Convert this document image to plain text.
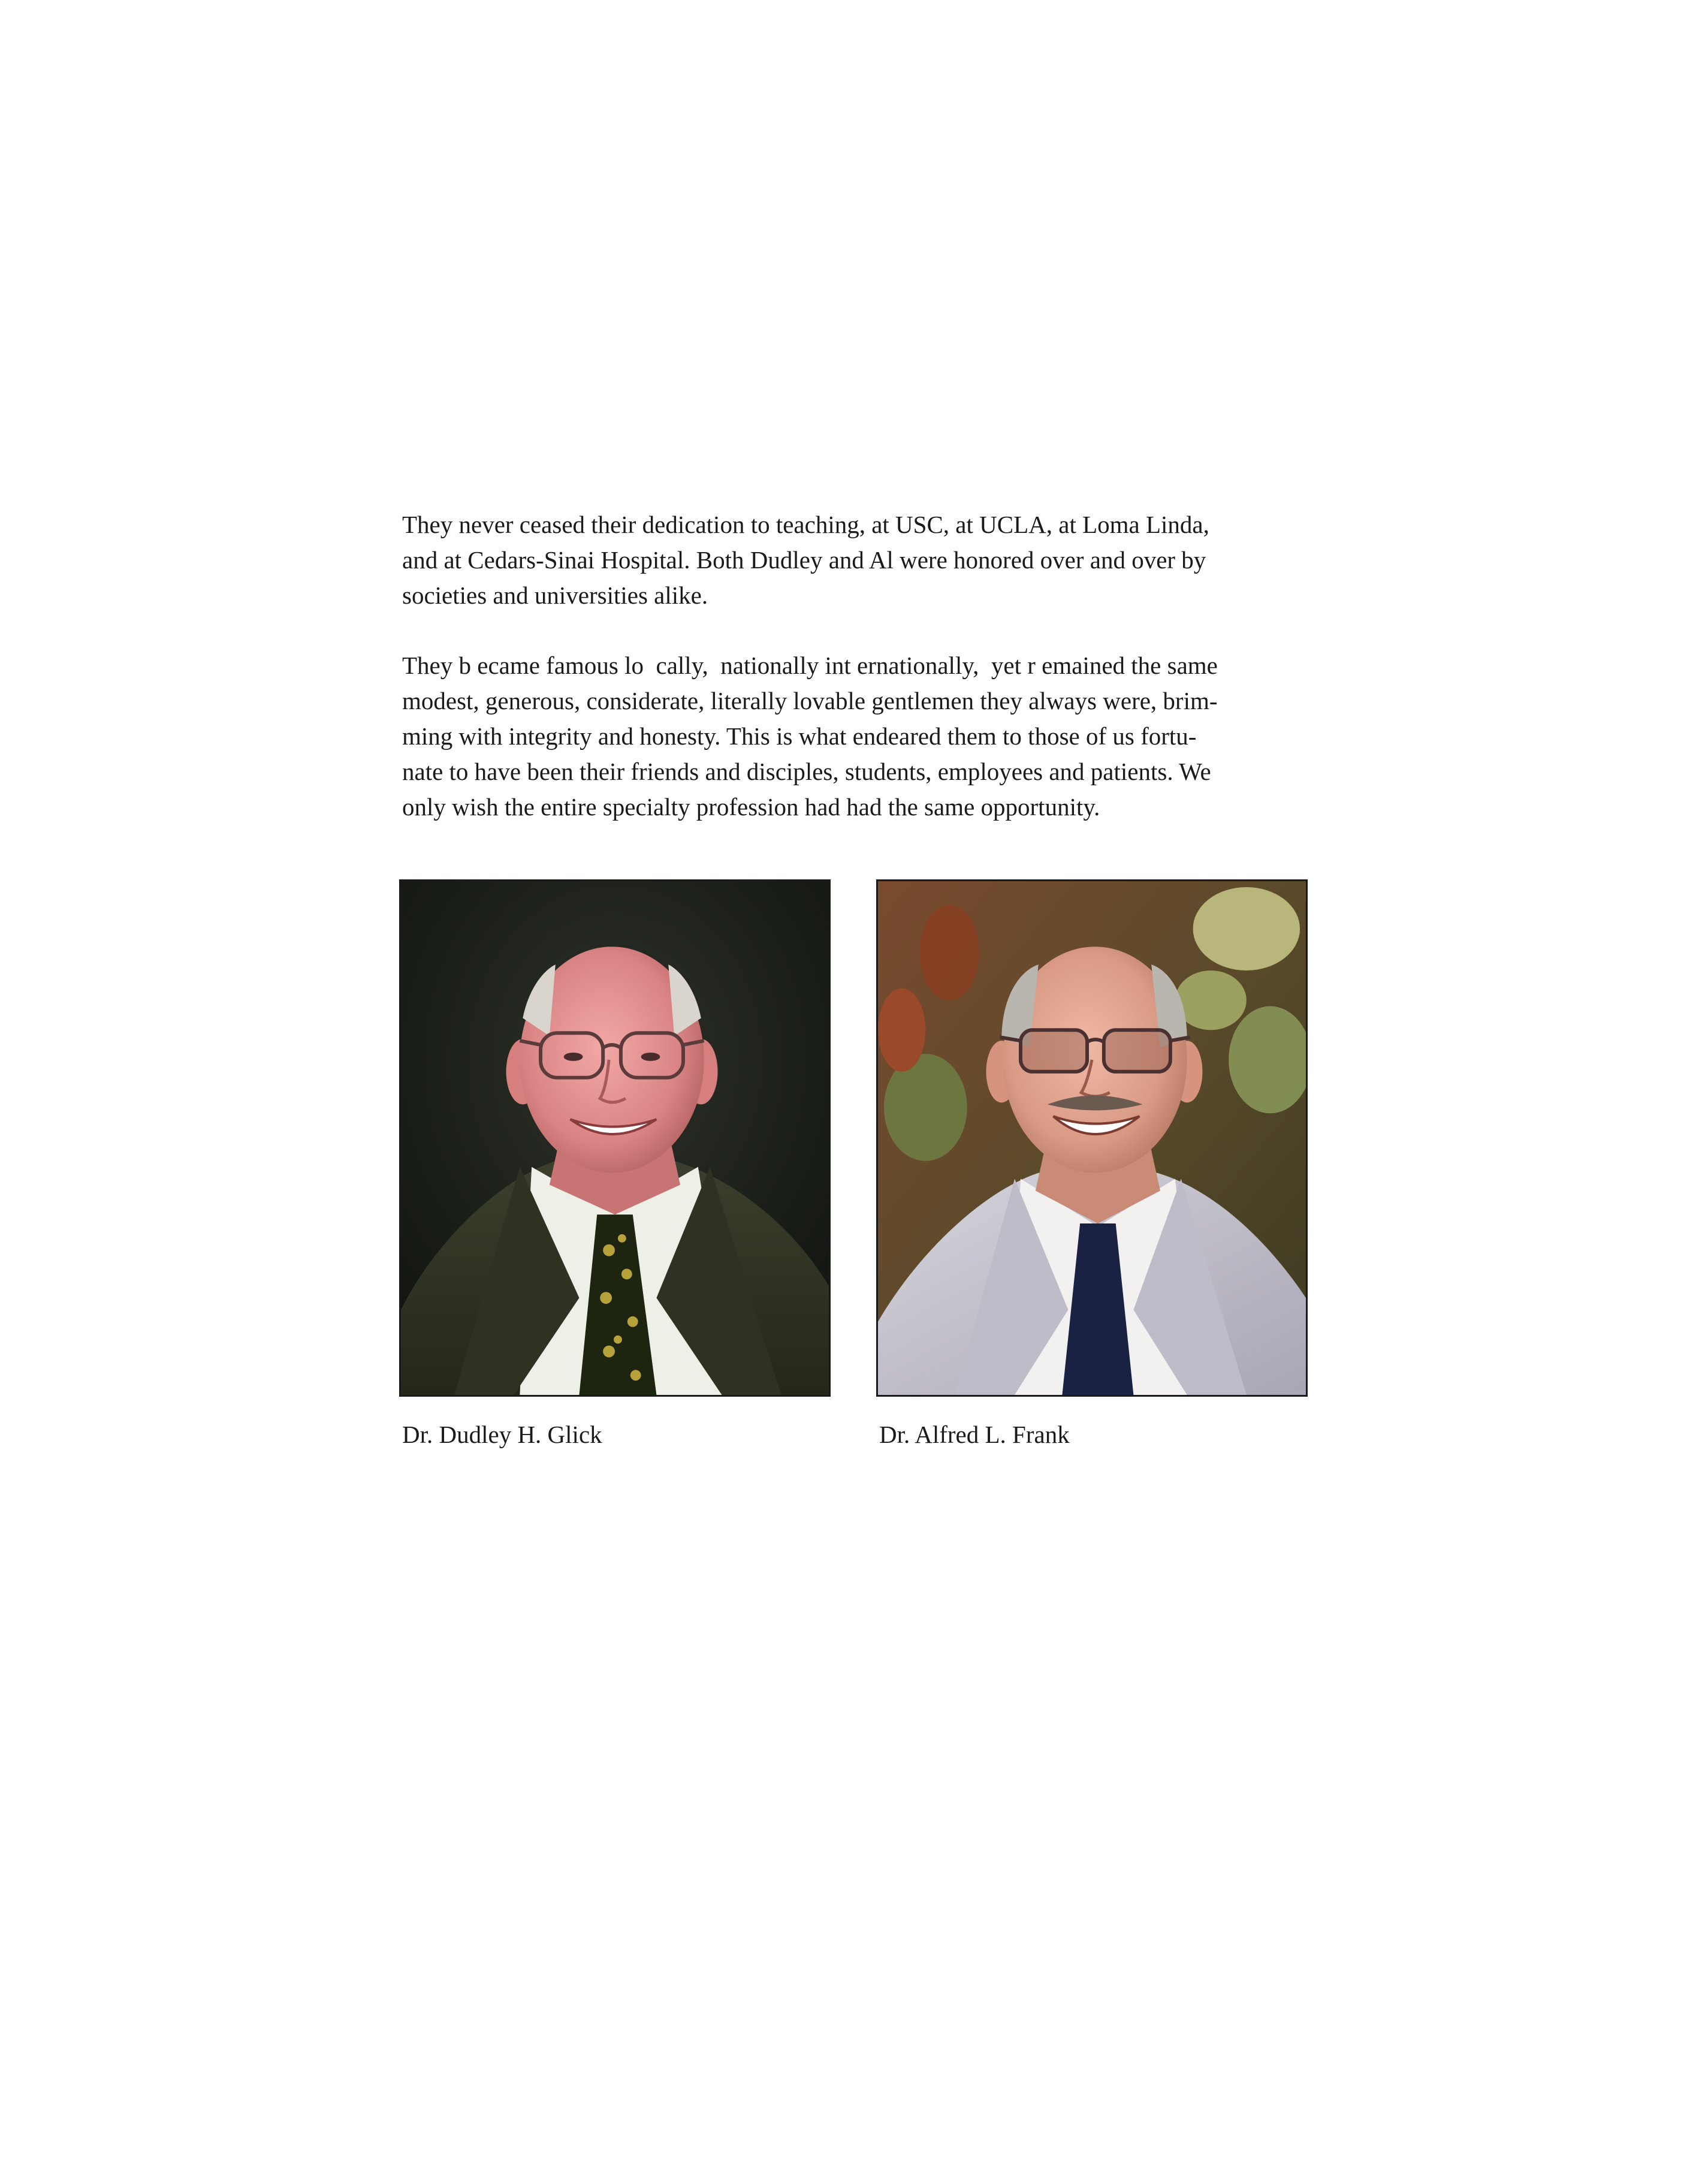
They never ceased their dedication to teaching, at USC, at UCLA, at Loma Linda,

and at Cedars-Sinai Hospital. Both Dudley and Al were honored over and over by

societies and universities alike.

They b ecame famous lo  cally,  nationally int ernationally,  yet r emained the same

modest, generous, considerate, literally lovable gentlemen they always were, brim-

ming with integrity and honesty. This is what endeared them to those of us fortu-

nate to have been their friends and disciples, students, employees and patients. We

only wish the entire specialty profession had had the same opportunity.

Dr. Dudley H. Glick	Dr. Alfred L. Frank
